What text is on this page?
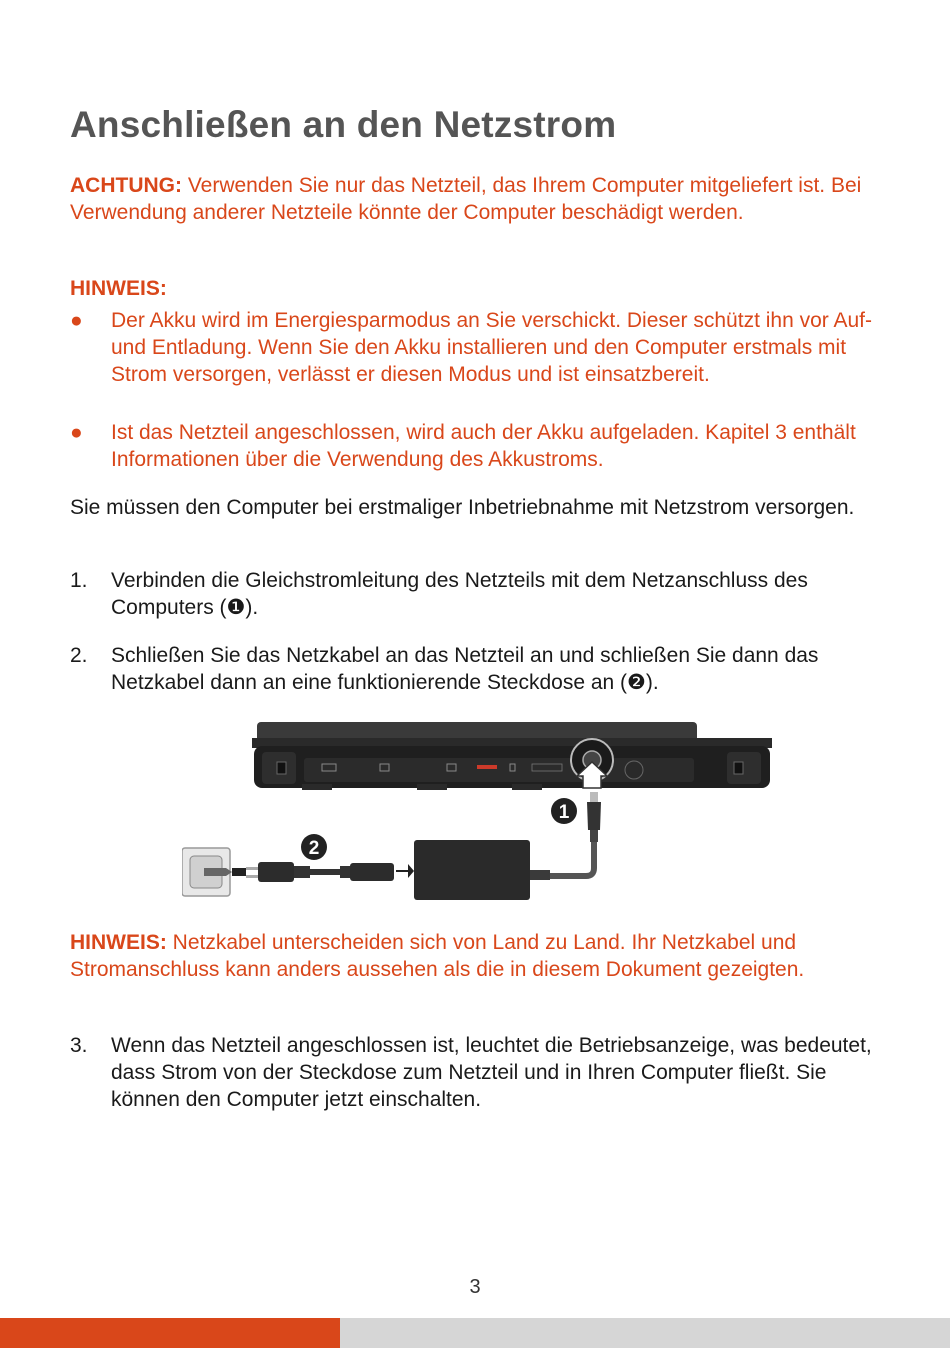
Anschließen an den Netzstrom
ACHTUNG: Verwenden Sie nur das Netzteil, das Ihrem Computer mitgeliefert ist. Bei Verwendung anderer Netzteile könnte der Computer beschädigt werden.
HINWEIS:
● Der Akku wird im Energiesparmodus an Sie verschickt. Dieser schützt ihn vor Auf- und Entladung. Wenn Sie den Akku installieren und den Computer erstmals mit Strom versorgen, verlässt er diesen Modus und ist einsatzbereit.
● Ist das Netzteil angeschlossen, wird auch der Akku aufgeladen. Kapitel 3 enthält Informationen über die Verwendung des Akkustroms.
Sie müssen den Computer bei erstmaliger Inbetriebnahme mit Netzstrom versorgen.
1. Verbinden die Gleichstromleitung des Netzteils mit dem Netzanschluss des Computers (❶).
2. Schließen Sie das Netzkabel an das Netzteil an und schließen Sie dann das Netzkabel dann an eine funktionierende Steckdose an (❷).
1
2
HINWEIS: Netzkabel unterscheiden sich von Land zu Land. Ihr Netzkabel und Stromanschluss kann anders aussehen als die in diesem Dokument gezeigten.
3. Wenn das Netzteil angeschlossen ist, leuchtet die Betriebsanzeige, was bedeutet, dass Strom von der Steckdose zum Netzteil und in Ihren Computer fließt. Sie können den Computer jetzt einschalten.
3
